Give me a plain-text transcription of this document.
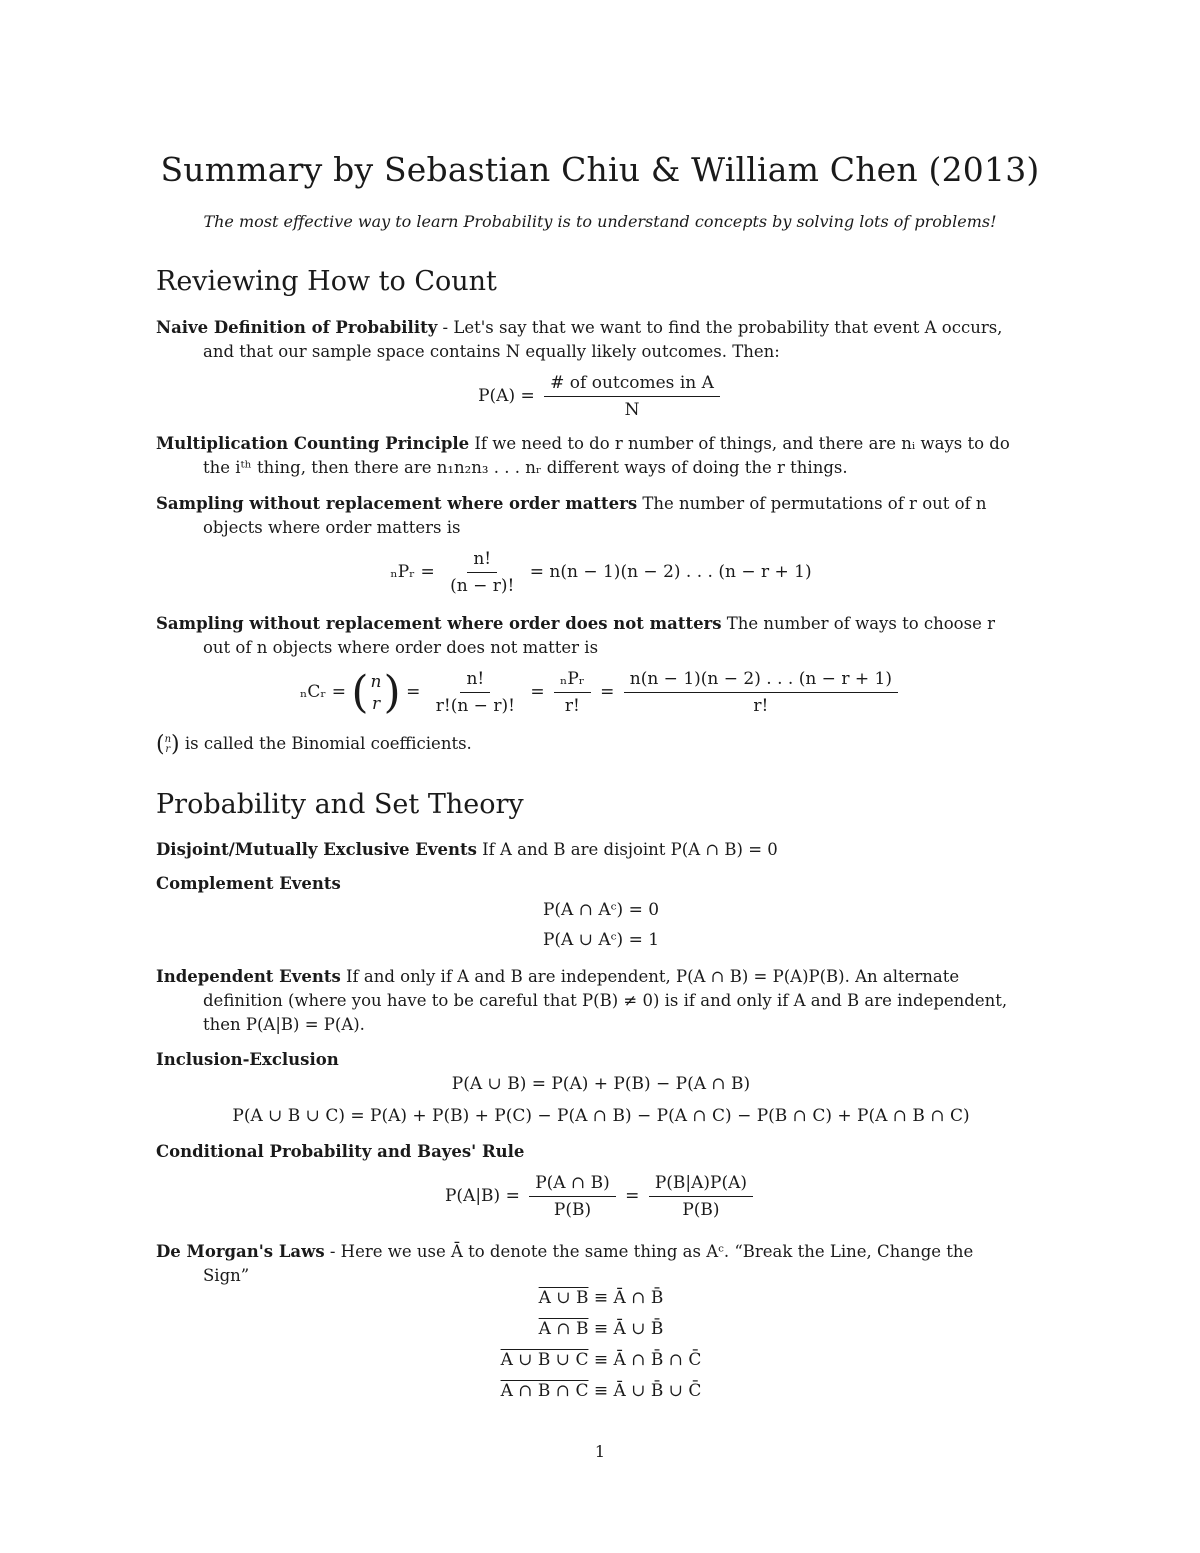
Summary by Sebastian Chiu & William Chen (2013)

The most effective way to learn Probability is to understand concepts by solving lots of problems!

Reviewing How to Count
Naive Definition of Probability - Let's say that we want to find the probability that event A occurs,
and that our sample space contains N equally likely outcomes. Then:
$P(A) = \frac{\text{\# of outcomes in A}}{N}$
Multiplication Counting Principle If we need to do r number of things, and there are nᵢ ways to do
the iᵗʰ thing, then there are n₁n₂n₃ . . . nᵣ different ways of doing the r things.
Sampling without replacement where order matters The number of permutations of r out of n
objects where order matters is
ₙPᵣ = $\frac{n!}{(n - r)!} = n(n - 1)(n - 2)$ . . . (n − r + 1)
Sampling without replacement where order does not matters The number of ways to choose r
out of n objects where order does not matter is
ₙCᵣ = ( n
r ) = $\frac{n!}{r!(n - r)!} = \frac{\text{ₙPᵣ}}{r!} = \frac{n(n - 1)(n - 2) . . . (n - r + 1)}{r!}$
( n
r ) is called the Binomial coefficients.
Probability and Set Theory
Disjoint/Mutually Exclusive Events If A and B are disjoint P(A ∩ B) = 0
Complement Events
P(A ∩ Aᶜ) = 0
P(A ∪ Aᶜ) = 1
Independent Events If and only if A and B are independent, P(A ∩ B) = P(A)P(B). An alternate
definition (where you have to be careful that P(B) ≠ 0) is if and only if A and B are independent,
then P(A|B) = P(A).
Inclusion-Exclusion
P(A ∪ B) = P(A) + P(B) − P(A ∩ B)
P(A ∪ B ∪ C) = P(A) + P(B) + P(C) − P(A ∩ B) − P(A ∩ C) − P(B ∩ C) + P(A ∩ B ∩ C)
Conditional Probability and Bayes' Rule
$P(A|B) = \frac{P(A \cap B)}{P(B)} = \frac{P(B|A)P(A)}{P(B)}$
De Morgan's Laws - Here we use Ā to denote the same thing as Aᶜ. “Break the Line, Change the
Sign”
A ∪ B ≡ Ā ∩ B̄
A ∩ B ≡ Ā ∪ B̄
A ∪ B ∪ C ≡ Ā ∩ B̄ ∩ C̄
A ∩ B ∩ C ≡ Ā ∪ B̄ ∪ C̄
1
